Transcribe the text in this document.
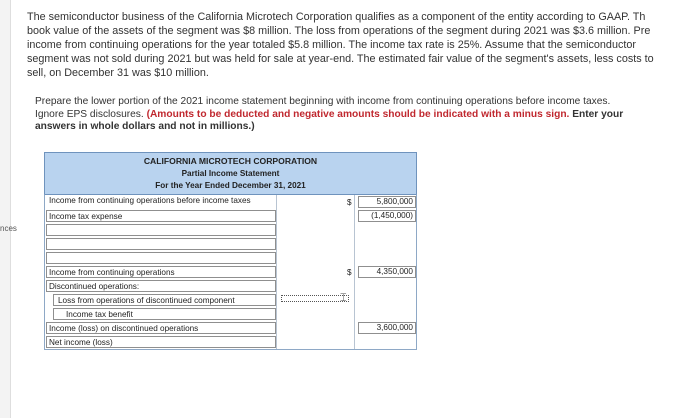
nces
The semiconductor business of the California Microtech Corporation qualifies as a component of the entity according to GAAP. Th
book value of the assets of the segment was $8 million. The loss from operations of the segment during 2021 was $3.6 million. Pre
income from continuing operations for the year totaled $5.8 million. The income tax rate is 25%. Assume that the semiconductor
segment was not sold during 2021 but was held for sale at year-end. The estimated fair value of the segment's assets, less costs to
sell, on December 31 was $10 million.
Prepare the lower portion of the 2021 income statement beginning with income from continuing operations before income taxes.
Ignore EPS disclosures. (Amounts to be deducted and negative amounts should be indicated with a minus sign. Enter your
answers in whole dollars and not in millions.)
CALIFORNIA MICROTECH CORPORATION
Partial Income Statement
For the Year Ended December 31, 2021
Income from continuing operations before income taxes	$	5,800,000
Income tax expense	(1,450,000)
Income from continuing operations	$	4,350,000
Discontinued operations:
Loss from operations of discontinued component	⌶
Income tax benefit
Income (loss) on discontinued operations	3,600,000
Net income (loss)
